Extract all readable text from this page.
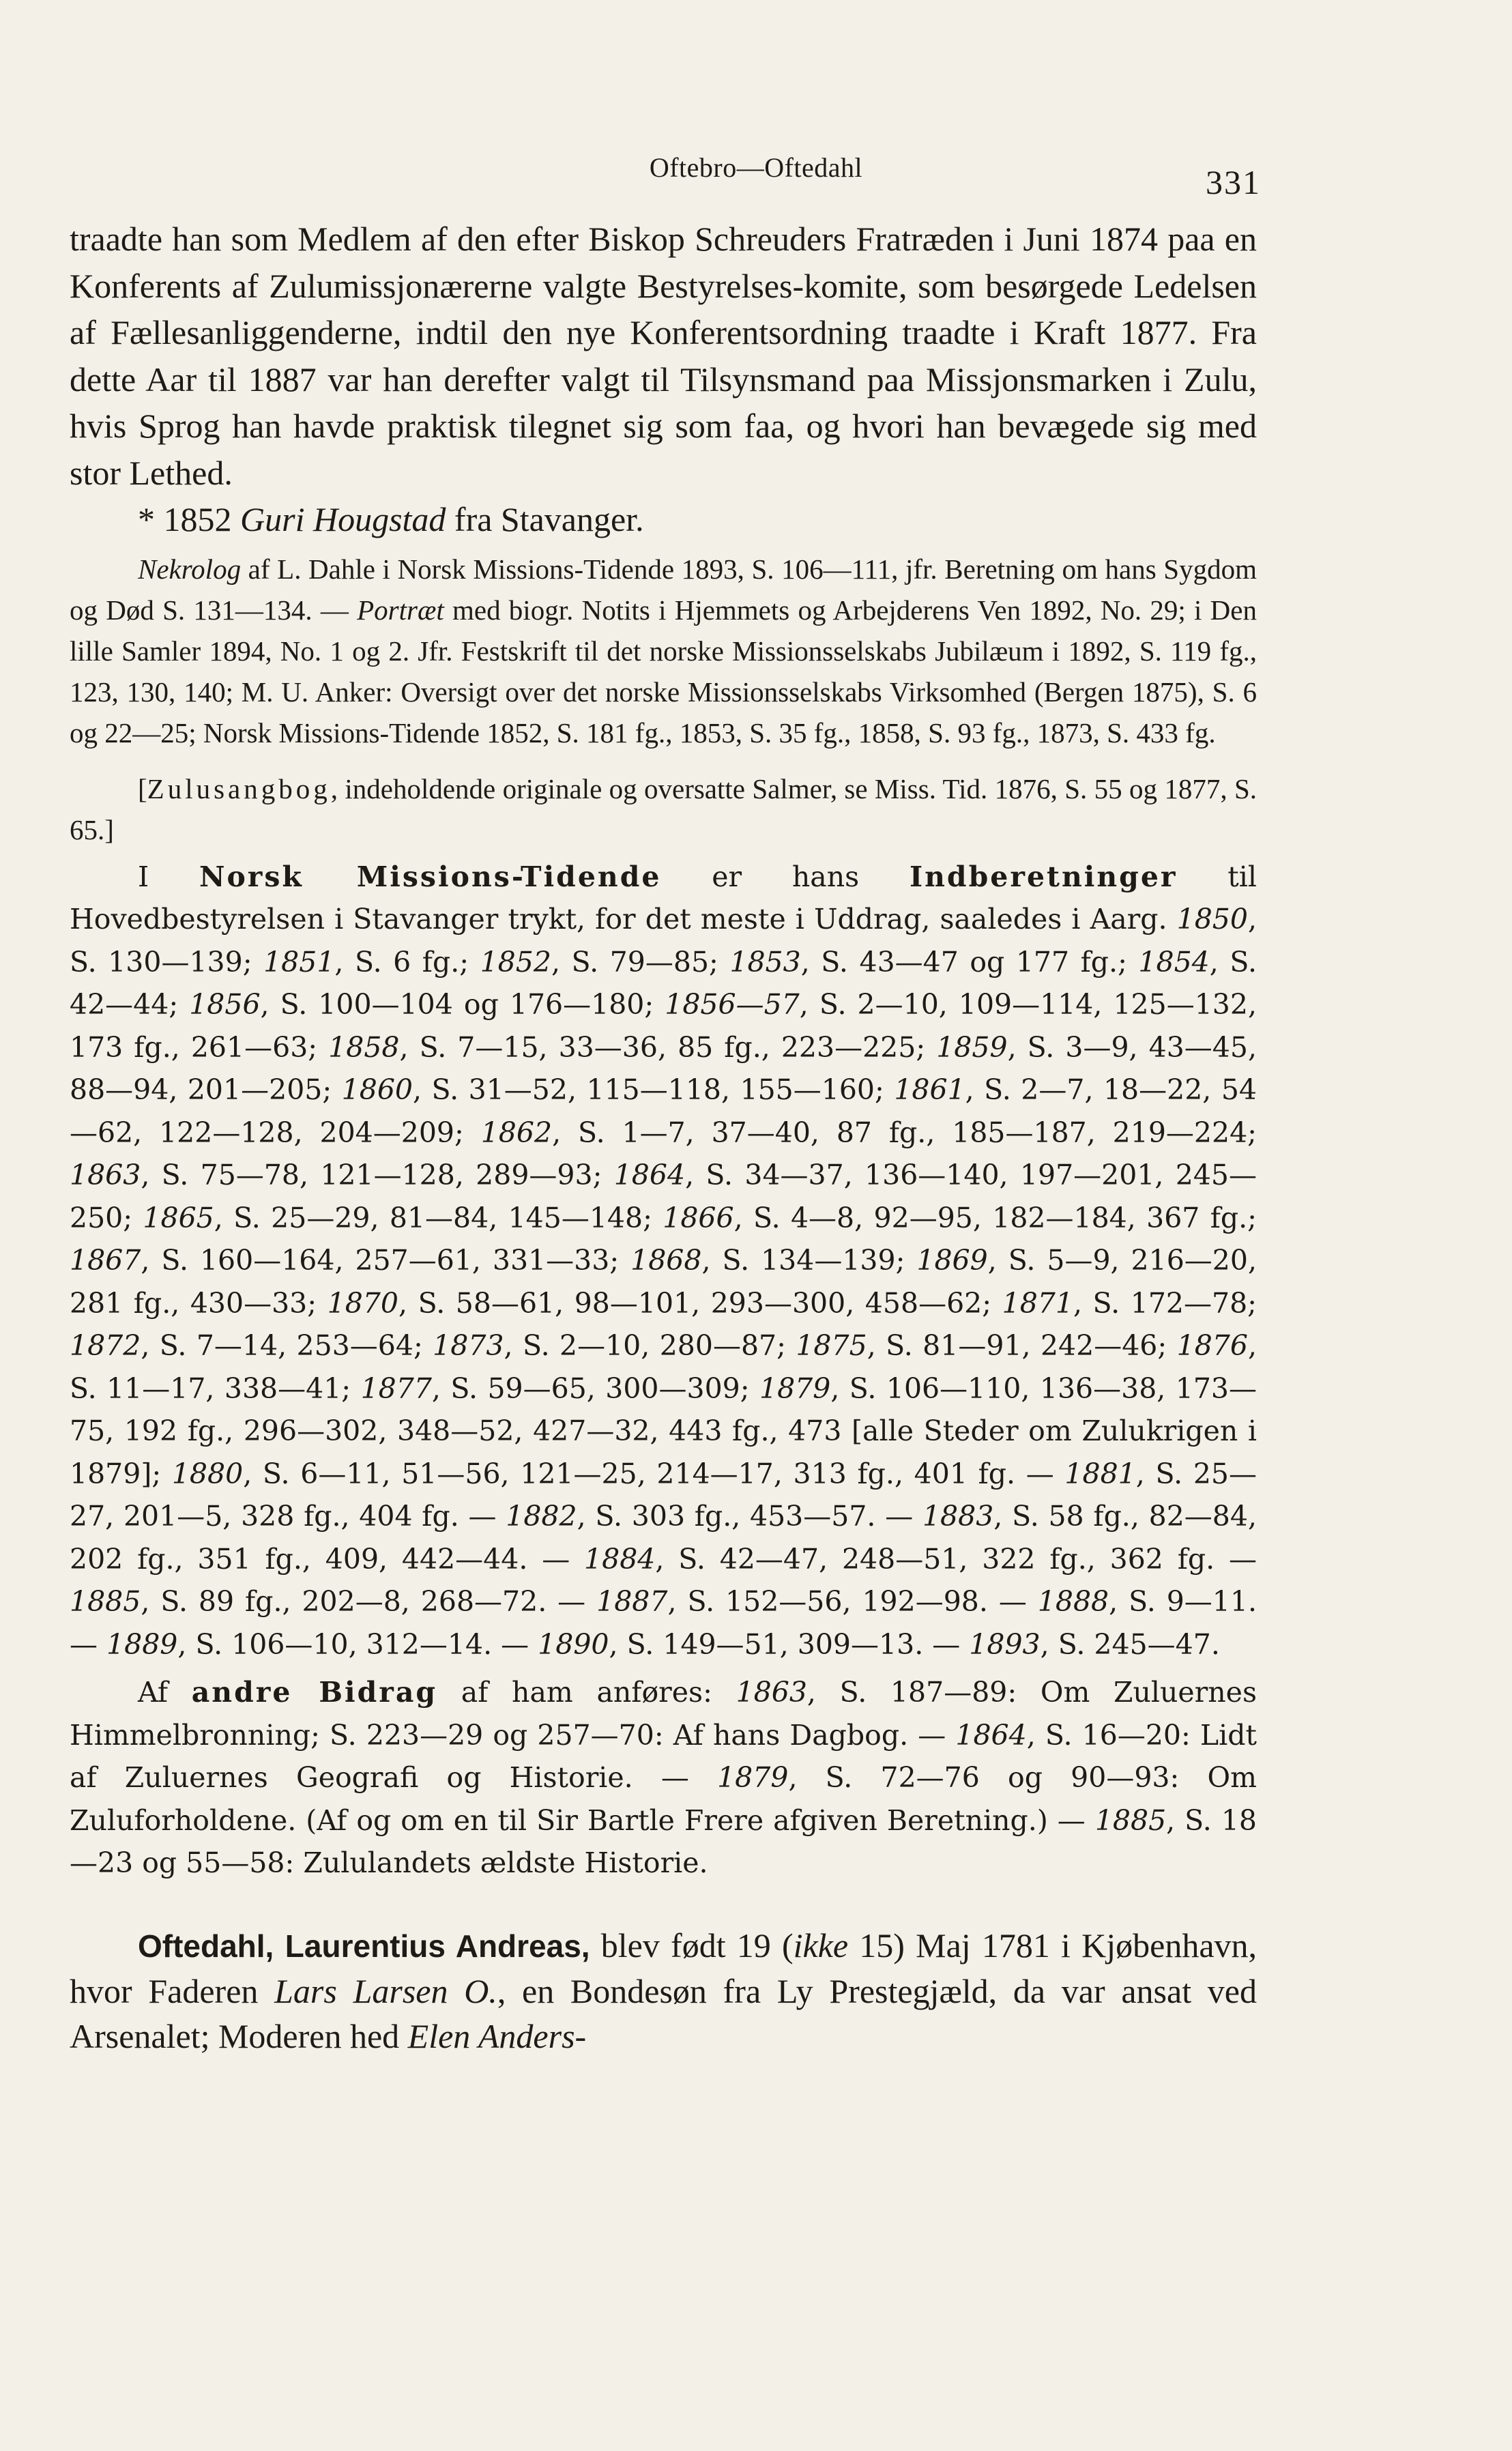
Oftebro—Oftedahl	331

traadte han som Medlem af den efter Biskop Schreuders Fratræden i Juni 1874 paa en Konferents af Zulumissjonærerne valgte Bestyrelses-komite, som besørgede Ledelsen af Fællesanliggenderne, indtil den nye Konferentsordning traadte i Kraft 1877. Fra dette Aar til 1887 var han derefter valgt til Tilsynsmand paa Missjonsmarken i Zulu, hvis Sprog han havde praktisk tilegnet sig som faa, og hvori han bevægede sig med stor Lethed.

* 1852 Guri Hougstad fra Stavanger.

Nekrolog af L. Dahle i Norsk Missions-Tidende 1893, S. 106—111, jfr. Beretning om hans Sygdom og Død S. 131—134. — Portræt med biogr. Notits i Hjemmets og Arbejderens Ven 1892, No. 29; i Den lille Samler 1894, No. 1 og 2. Jfr. Festskrift til det norske Missionsselskabs Jubilæum i 1892, S. 119 fg., 123, 130, 140; M. U. Anker: Oversigt over det norske Missionsselskabs Virksomhed (Bergen 1875), S. 6 og 22—25; Norsk Missions-Tidende 1852, S. 181 fg., 1853, S. 35 fg., 1858, S. 93 fg., 1873, S. 433 fg.

[Zulusangbog, indeholdende originale og oversatte Salmer, se Miss. Tid. 1876, S. 55 og 1877, S. 65.]

I Norsk Missions-Tidende er hans Indberetninger til Hovedbestyrelsen i Stavanger trykt, for det meste i Uddrag, saaledes i Aarg. 1850, S. 130—139; 1851, S. 6 fg.; 1852, S. 79—85; 1853, S. 43—47 og 177 fg.; 1854, S. 42—44; 1856, S. 100—104 og 176—180; 1856—57, S. 2—10, 109—114, 125—132, 173 fg., 261—63; 1858, S. 7—15, 33—36, 85 fg., 223—225; 1859, S. 3—9, 43—45, 88—94, 201—205; 1860, S. 31—52, 115—118, 155—160; 1861, S. 2—7, 18—22, 54—62, 122—128, 204—209; 1862, S. 1—7, 37—40, 87 fg., 185—187, 219—224; 1863, S. 75—78, 121—128, 289—93; 1864, S. 34—37, 136—140, 197—201, 245—250; 1865, S. 25—29, 81—84, 145—148; 1866, S. 4—8, 92—95, 182—184, 367 fg.; 1867, S. 160—164, 257—61, 331—33; 1868, S. 134—139; 1869, S. 5—9, 216—20, 281 fg., 430—33; 1870, S. 58—61, 98—101, 293—300, 458—62; 1871, S. 172—78; 1872, S. 7—14, 253—64; 1873, S. 2—10, 280—87; 1875, S. 81—91, 242—46; 1876, S. 11—17, 338—41; 1877, S. 59—65, 300—309; 1879, S. 106—110, 136—38, 173—75, 192 fg., 296—302, 348—52, 427—32, 443 fg., 473 [alle Steder om Zulukrigen i 1879]; 1880, S. 6—11, 51—56, 121—25, 214—17, 313 fg., 401 fg. — 1881, S. 25—27, 201—5, 328 fg., 404 fg. — 1882, S. 303 fg., 453—57. — 1883, S. 58 fg., 82—84, 202 fg., 351 fg., 409, 442—44. — 1884, S. 42—47, 248—51, 322 fg., 362 fg. — 1885, S. 89 fg., 202—8, 268—72. — 1887, S. 152—56, 192—98. — 1888, S. 9—11. — 1889, S. 106—10, 312—14. — 1890, S. 149—51, 309—13. — 1893, S. 245—47.

Af andre Bidrag af ham anføres: 1863, S. 187—89: Om Zuluernes Himmelbronning; S. 223—29 og 257—70: Af hans Dagbog. — 1864, S. 16—20: Lidt af Zuluernes Geografi og Historie. — 1879, S. 72—76 og 90—93: Om Zuluforholdene. (Af og om en til Sir Bartle Frere afgiven Beretning.) — 1885, S. 18—23 og 55—58: Zululandets ældste Historie.

Oftedahl, Laurentius Andreas, blev født 19 (ikke 15) Maj 1781 i Kjøbenhavn, hvor Faderen Lars Larsen O., en Bondesøn fra Ly Prestegjæld, da var ansat ved Arsenalet; Moderen hed Elen Anders-
